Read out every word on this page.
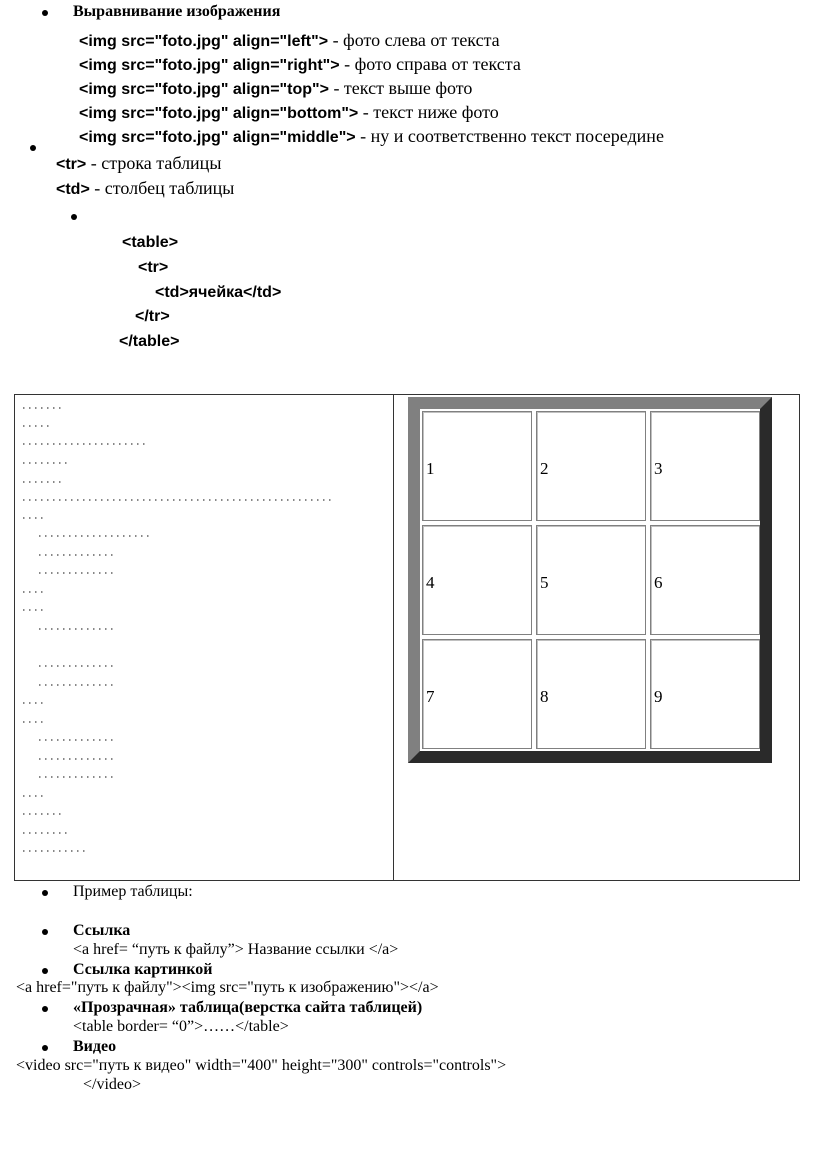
Выравнивание изображения
<img src="foto.jpg" align="left"> - фото слева от текста
<img src="foto.jpg" align="right"> - фото справа от текста
<img src="foto.jpg" align="top"> - текст выше фото
<img src="foto.jpg" align="bottom"> - текст ниже фото
<img src="foto.jpg" align="middle"> - ну и соответственно текст посередине
<tr> - строка таблицы
<td> - столбец таблицы
<table>
<tr>
<td>ячейка</td>
</tr>
</table>
1	2	3
4	5	6
7	8	9
Пример таблицы:
Ссылка
<a href= “путь к файлу”> Название ссылки </a>
Ссылка картинкой
<a href="путь к файлу"><img src="путь к изображению"></a>
«Прозрачная» таблица(верстка сайта таблицей)
<table border= “0”>……</table>
Видео
<video src="путь к видео" width="400" height="300" controls="controls">
</video>
